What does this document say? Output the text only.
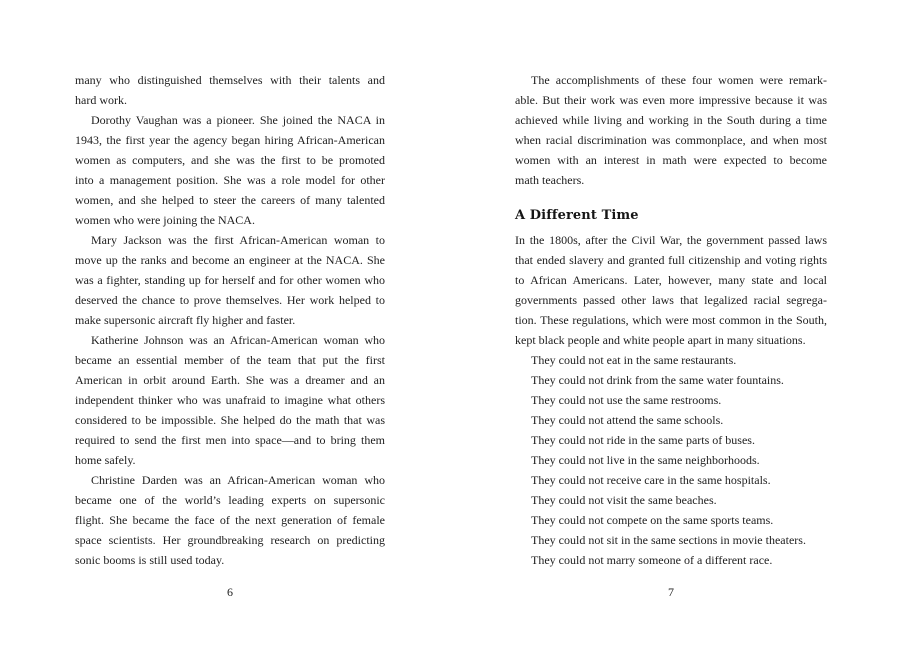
many who distinguished themselves with their talents and
hard work.
Dorothy Vaughan was a pioneer. She joined the NACA in
1943, the first year the agency began hiring African-American
women as computers, and she was the first to be promoted
into a management position. She was a role model for other
women, and she helped to steer the careers of many talented
women who were joining the NACA.
Mary Jackson was the first African-American woman to
move up the ranks and become an engineer at the NACA. She
was a fighter, standing up for herself and for other women who
deserved the chance to prove themselves. Her work helped to
make supersonic aircraft fly higher and faster.
Katherine Johnson was an African-American woman who
became an essential member of the team that put the first
American in orbit around Earth. She was a dreamer and an
independent thinker who was unafraid to imagine what others
considered to be impossible. She helped do the math that was
required to send the first men into space—and to bring them
home safely.
Christine Darden was an African-American woman who
became one of the world’s leading experts on supersonic
flight. She became the face of the next generation of female
space scientists. Her groundbreaking research on predicting
sonic booms is still used today.
The accomplishments of these four women were remark-
able. But their work was even more impressive because it was
achieved while living and working in the South during a time
when racial discrimination was commonplace, and when most
women with an interest in math were expected to become
math teachers.
A Different Time
In the 1800s, after the Civil War, the government passed laws
that ended slavery and granted full citizenship and voting rights
to African Americans. Later, however, many state and local
governments passed other laws that legalized racial segrega-
tion. These regulations, which were most common in the South,
kept black people and white people apart in many situations.
They could not eat in the same restaurants.
They could not drink from the same water fountains.
They could not use the same restrooms.
They could not attend the same schools.
They could not ride in the same parts of buses.
They could not live in the same neighborhoods.
They could not receive care in the same hospitals.
They could not visit the same beaches.
They could not compete on the same sports teams.
They could not sit in the same sections in movie theaters.
They could not marry someone of a different race.
6	7
